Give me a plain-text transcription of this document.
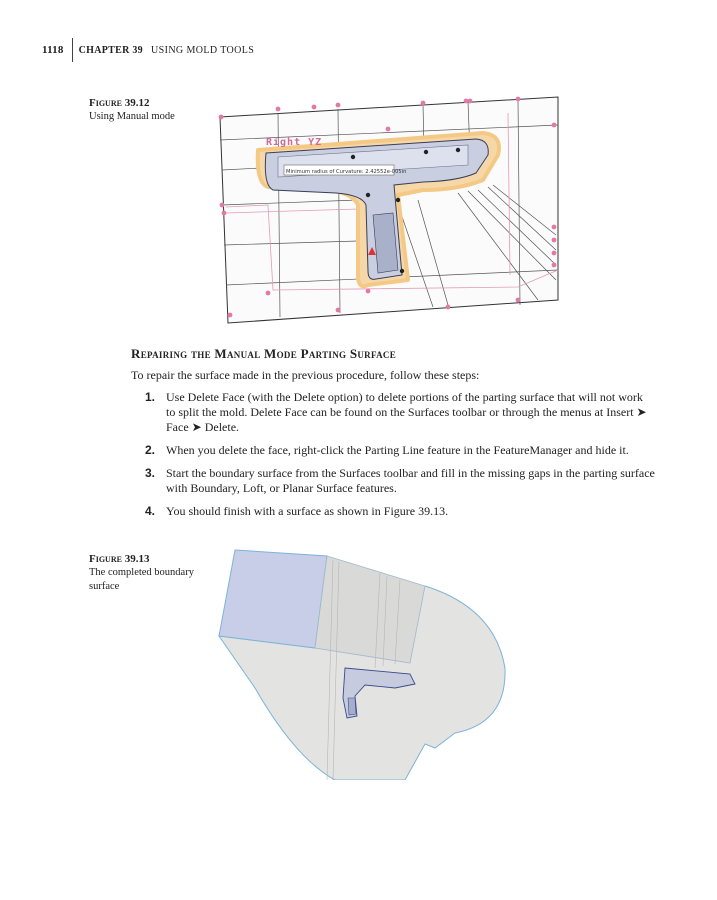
1118	CHAPTER 39 USING MOLD TOOLS
Figure 39.12
Using Manual mode
Right YZ
Minimum radius of Curvature: 2.42552e-005in
Repairing the Manual Mode Parting Surface
To repair the surface made in the previous procedure, follow these steps:
1. Use Delete Face (with the Delete option) to delete portions of the parting surface that will not work to split the mold. Delete Face can be found on the Surfaces toolbar or through the menus at Insert ➤ Face ➤ Delete.
2. When you delete the face, right-click the Parting Line feature in the FeatureManager and hide it.
3. Start the boundary surface from the Surfaces toolbar and fill in the missing gaps in the parting surface with Boundary, Loft, or Planar Surface features.
4. You should finish with a surface as shown in Figure 39.13.
Figure 39.13
The completed boundary surface
